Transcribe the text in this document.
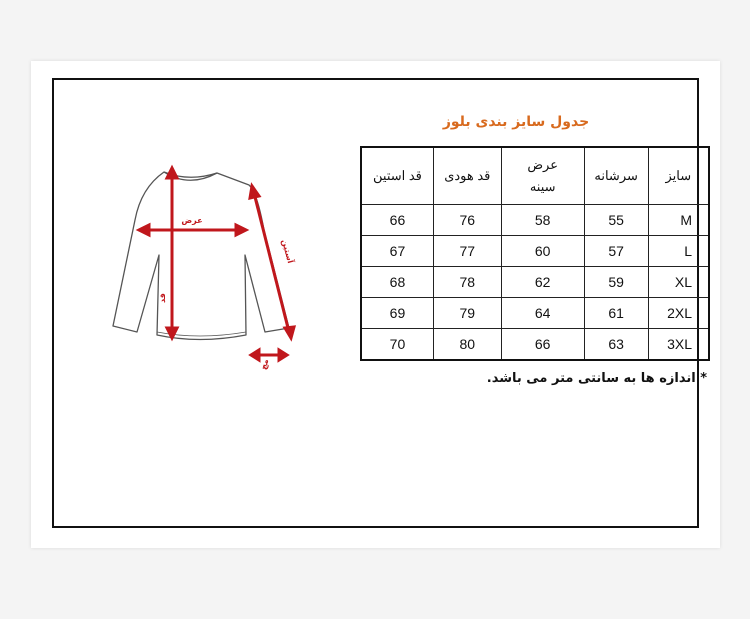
جدول سایز بندی بلوز
سایز	سرشانه	عرض سینه	قد هودی	قد استین
M	55	58	76	66
L	57	60	77	67
XL	59	62	78	68
2XL	61	64	79	69
3XL	63	66	80	70
* اندازه ها به سانتی متر می باشد.
عرض
قد
آستین
مچ
